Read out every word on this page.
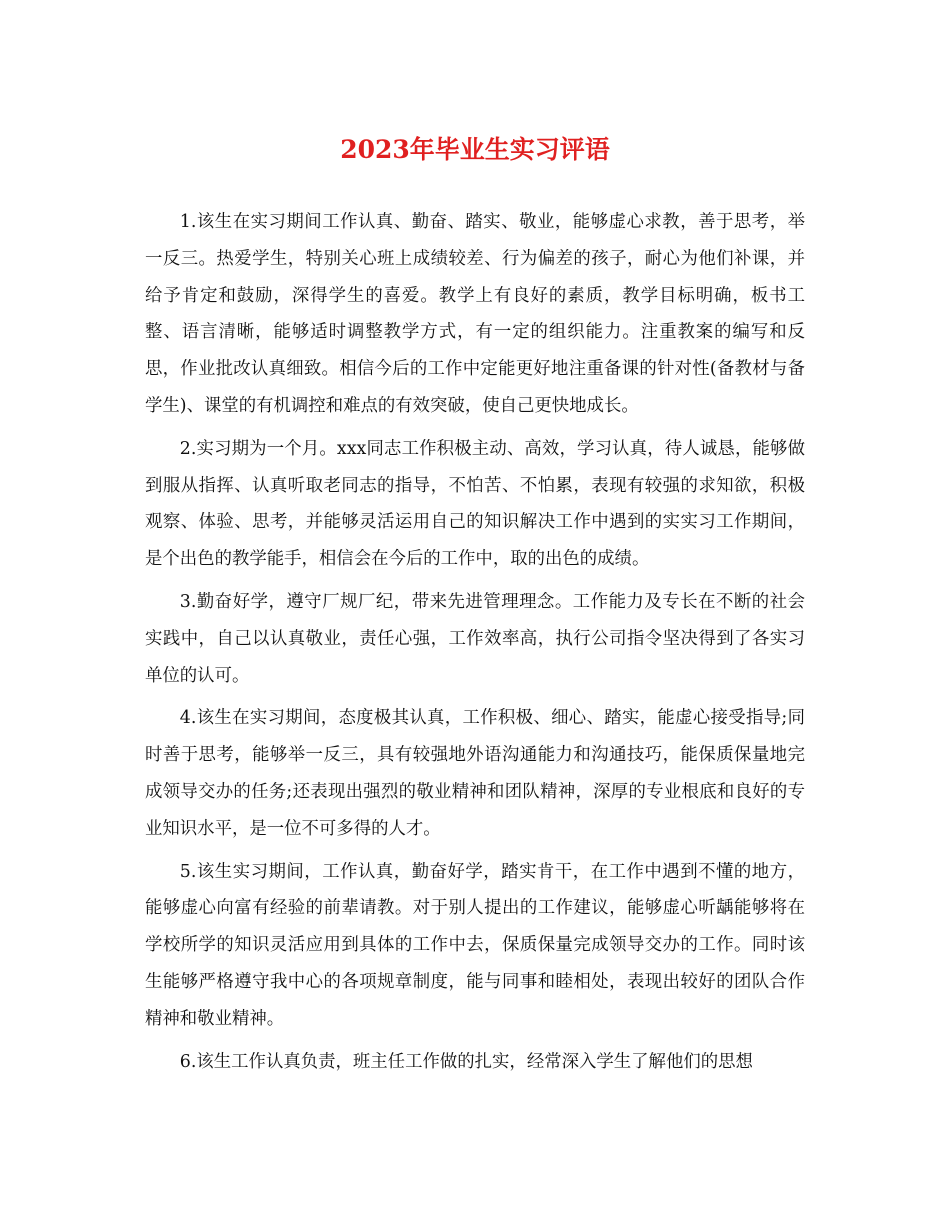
2023年毕业生实习评语

1.该生在实习期间工作认真、勤奋、踏实、敬业，能够虚心求教，善于思考，举一反三。热爱学生，特别关心班上成绩较差、行为偏差的孩子，耐心为他们补课，并给予肯定和鼓励，深得学生的喜爱。教学上有良好的素质，教学目标明确，板书工整、语言清晰，能够适时调整教学方式，有一定的组织能力。注重教案的编写和反思，作业批改认真细致。相信今后的工作中定能更好地注重备课的针对性(备教材与备学生)、课堂的有机调控和难点的有效突破，使自己更快地成长。

2.实习期为一个月。xxx同志工作积极主动、高效，学习认真，待人诚恳，能够做到服从指挥、认真听取老同志的指导，不怕苦、不怕累，表现有较强的求知欲，积极观察、体验、思考，并能够灵活运用自己的知识解决工作中遇到的实实习工作期间，是个出色的教学能手，相信会在今后的工作中，取的出色的成绩。

3.勤奋好学，遵守厂规厂纪，带来先进管理理念。工作能力及专长在不断的社会实践中，自己以认真敬业，责任心强，工作效率高，执行公司指令坚决得到了各实习单位的认可。

4.该生在实习期间，态度极其认真，工作积极、细心、踏实，能虚心接受指导;同时善于思考，能够举一反三，具有较强地外语沟通能力和沟通技巧，能保质保量地完成领导交办的任务;还表现出强烈的敬业精神和团队精神，深厚的专业根底和良好的专业知识水平，是一位不可多得的人才。

5.该生实习期间，工作认真，勤奋好学，踏实肯干，在工作中遇到不懂的地方，能够虚心向富有经验的前辈请教。对于别人提出的工作建议，能够虚心听龋能够将在学校所学的知识灵活应用到具体的工作中去，保质保量完成领导交办的工作。同时该生能够严格遵守我中心的各项规章制度，能与同事和睦相处，表现出较好的团队合作精神和敬业精神。

6.该生工作认真负责，班主任工作做的扎实，经常深入学生了解他们的思想
